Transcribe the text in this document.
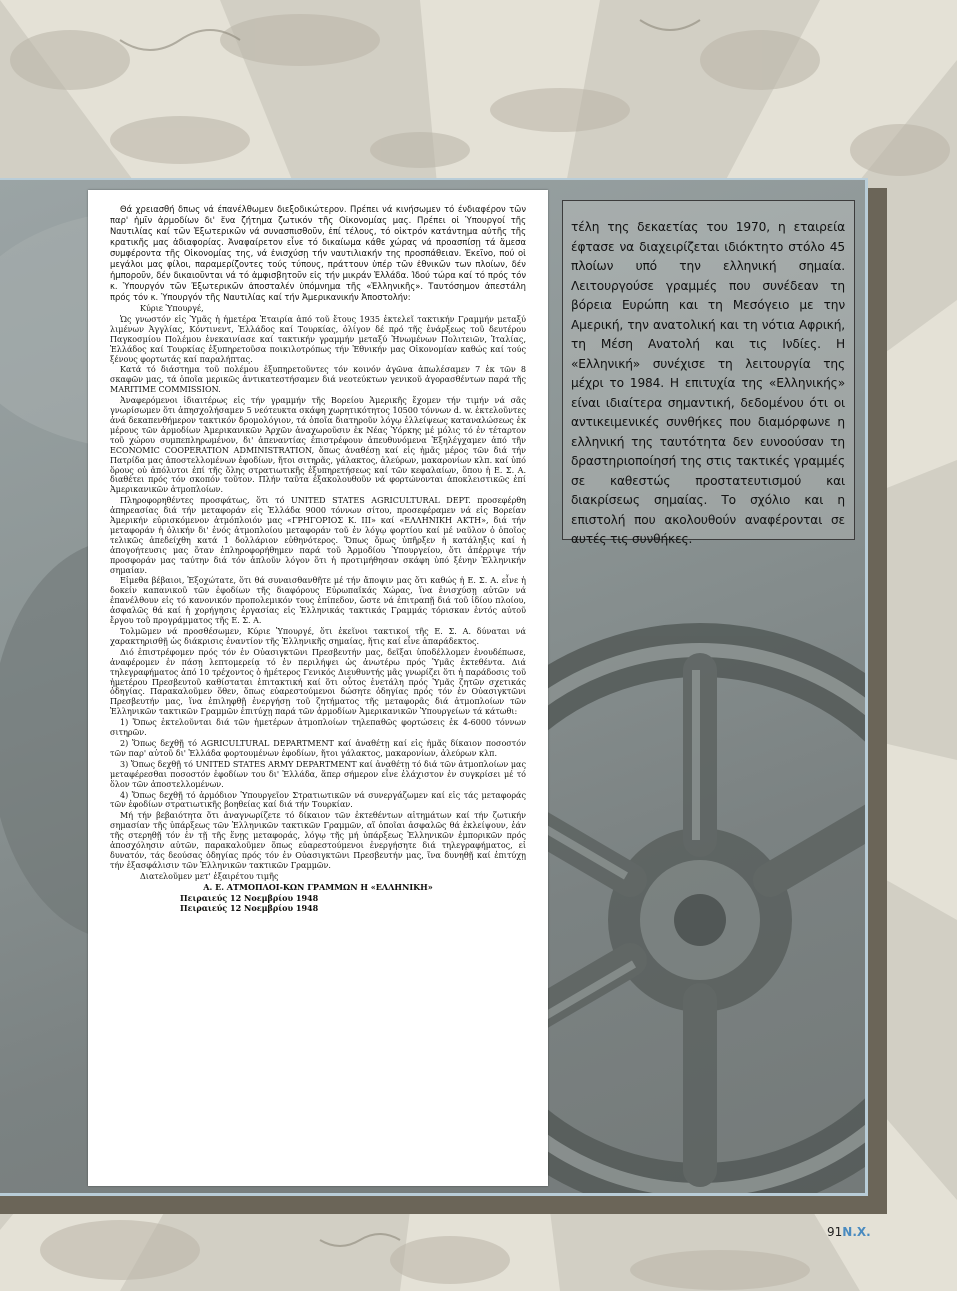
Θά χρειασθή δπως νά έπανέλθωμεν διεξοδικώτερον. Πρέπει νά κινήσωμεν τό ένδιαφέρον τῶν παρ' ἡμῖν ἀρμοδίων δι' ἕνα ζήτημα ζωτικόν τῆς Οἰκονομίας μας. Πρέπει οἱ Ὑπουργοί τῆς Ναυτιλίας καί τῶν Ἐξωτερικῶν νά συνασπισθοῦν, ἐπί τέλους, τό οἰκτρόν κατάντημα αὐτῆς τῆς κρατικῆς μας ἀδιαφορίας. Ἀναφαίρετον εἶνε τό δικαίωμα κάθε χώρας νά προασπίσῃ τά ἄμεσα συμφέροντα τῆς Οἰκονομίας της, νά ἐνισχύσῃ τήν ναυτιλιακήν της προσπάθειαν. Ἐκεῖνο, πού οἱ μεγάλοι μας φίλοι, παραμερίζοντες τούς τύπους, πράττουν ὑπέρ τῶν ἐθνικῶν των πλοίων, δέν ἠμποροῦν, δέν δικαιοῦνται νά τό ἀμφισβητοῦν εἰς τήν μικράν Ἑλλάδα. Ἰδού τώρα καί τό πρός τόν κ. Ὑπουργόν τῶν Ἐξωτερικῶν ἀποσταλέν ὑπόμνημα τῆς «Ἑλληνικῆς». Ταυτόσημον ἀπεστάλη πρός τόν κ. Ὑπουργόν τῆς Ναυτιλίας καί τήν Ἀμερικανικήν Ἀποστολήν:

Κύριε Ὑπουργέ,

Ὡς γνωστόν εἰς Ὑμᾶς ἡ ἡμετέρα Ἑταιρία ἀπό τοῦ ἔτους 1935 ἐκτελεῖ τακτικήν Γραμμήν μεταξύ λιμένων Ἀγγλίας, Κόντινεντ, Ἑλλάδος καί Τουρκίας, ὀλίγον δέ πρό τῆς ἐνάρξεως τοῦ δευτέρου Παγκοσμίου Πολέμου ἐνεκαινίασε καί τακτικήν γραμμήν μεταξύ Ἡνωμένων Πολιτειῶν, Ἰταλίας, Ἑλλάδος καί Τουρκίας ἐξυπηρετοῦσα ποικιλοτρόπως τήν Ἐθνικήν μας Οἰκονομίαν καθώς καί τούς ξένους φορτωτάς καί παραλήπτας.

Κατά τό διάστημα τοῦ πολέμου ἐξυπηρετοῦντες τόν κοινόν ἀγῶνα ἀπωλέσαμεν 7 ἐκ τῶν 8 σκαφῶν μας, τά ὁποῖα μερικῶς ἀντικατεστήσαμεν διά νεοτεύκτων γενικοῦ ἀγορασθέντων παρά τῆς MARITIME COMMISSION.

Ἀναφερόμενοι ἰδιαιτέρως εἰς τήν γραμμήν τῆς Βορείου Ἀμερικῆς ἔχομεν τήν τιμήν νά σᾶς γνωρίσωμεν ὅτι ἀπησχολήσαμεν 5 νεότευκτα σκάφη χωρητικότητος 10500 τόννων d. w. ἐκτελοῦντες ἀνά δεκαπενθήμερον τακτικόν δρομολόγιον, τά ὁποῖα διατηροῦν λόγῳ ἐλλείψεως καταναλώσεως ἐκ μέρους τῶν ἁρμοδίων Ἀμερικανικῶν Ἀρχῶν ἀναχωροῦσιν ἐκ Νέας Ὑόρκης μέ μόλις τό ἐν τέταρτον τοῦ χώρου συμπεπληρωμένον, δι' ἀπεναντίας ἐπιστρέφουν ἀπευθυνόμενα Ἐξηλέγχαμεν ἀπό τῆν ECONOMIC COOPERATION ADMINISTRATION, ὅπως ἀναθέσῃ καί εἰς ἡμᾶς μέρος τῶν διά τήν Πατρίδα μας ἀποστελλομένων ἐφοδίων, ἤτοι σιτηρᾶς, γάλακτος, ἀλεύρων, μακαρονίων κλπ. καί ὑπό ὅρους οὐ ἀπόλυτοι ἐπί τῆς ὅλης στρατιωτικῆς ἐξυπηρετήσεως καί τῶν κεφαλαίων, ὅπου ἡ Ε. Σ. Α. διαθέτει πρός τόν σκοπόν τοῦτον. Πλήν ταῦτα ἐξακολουθοῦν νά φορτώνονται ἀποκλειστικῶς ἐπί Ἀμερικανικῶν ἀτμοπλοίων.

Πληροφορηθέντες προσφάτως, ὅτι τό UNITED STATES AGRICULTURAL DEPT. προσεφέρθη ἀπηρεασίας διά τήν μεταφοράν εἰς Ἑλλάδα 9000 τόννων σίτου, προσεφέραμεν νά εἰς Βορείαν Ἀμερικήν εὑρισκόμενον ἀτμόπλοιόν μας «ΓΡΗΓΟΡΙΟΣ Κ. ΙΙΙ» καί «ΕΛΛΗΝΙΚΗ ΑΚΤΗ», διά τήν μεταφοράν ἡ ὀλικήν δι' ἑνός ἀτμοπλοίου μεταφοράν τοῦ ἐν λόγῳ φορτίου καί μέ ναῦλον ὁ ὁποῖος τελικῶς ἀπεδείχθη κατά 1 δολλάριον εὐθηνότερος. Ὅπως ὅμως ὑπῆρξεν ἡ κατάληξις καί ἡ ἀπογοήτευσις μας ὅταν ἐπληροφορήθημεν παρά τοῦ Ἀρμοδίου Ὑπουργείου, ὅτι ἀπέρριψε τήν προσφοράν μας ταύτην διά τόν ἁπλοῦν λόγον ὅτι ἡ προτιμήθησαν σκάφη ὑπό ξένην Ἑλληνικήν σημαίαν.

Εἰμεθα βέβαιοι, Ἐξοχώτατε, ὅτι θά συναισθανθῆτε μέ τήν ἄποψιν μας ὅτι καθώς ἡ Ε. Σ. Α. εἶνε ἡ δοκείν καπανικοῦ τῶν ἐφοδίων τῆς διαφόρους Εὐρωπαϊκάς Χώρας, ἵνα ἐνισχύσῃ αὐτῶν νά ἐπανέλθουν εἰς τό κανονικόν προπολεμικόν τους ἐπίπεδον, ὥστε νά ἐπιτραπῇ διά τοῦ ἰδίου πλοίου, ἀσφαλῶς θά καί ἡ χορήγησις ἐργασίας εἰς Ἑλληνικάς τακτικάς Γραμμάς τόρισκαν ἐντός αὐτοῦ ἔργου τοῦ προγράμματος τῆς Ε. Σ. Α.

Τολμῶμεν νά προσθέσωμεν, Κύριε Ὑπουργέ, ὅτι ἐκεῖνοι τακτικοί τῆς Ε. Σ. Α. δύναται νά χαρακτηρισθῇ ὡς διάκρισις ἐναντίον τῆς Ἑλληνικῆς σημαίας, ἥτις καί εἶνε ἀπαράδεκτος.

Διό ἐπιστρέφομεν πρός τόν ἐν Οὐασιγκτῶνι Πρεσβευτήν μας, δεῖξαι ὑποδέλλομεν ἐνουδέπωσε, ἀναφέρομεν ἐν πάσῃ λεπτομερείᾳ τό ἐν περιλήψει ὡς ἀνωτέρω πρός Ὑμᾶς ἐκτεθέντα. Διά τηλεγραφήματος ἀπό 10 τρέχοντος ὁ ἡμέτερος Γενικός Διευθυντής μᾶς γνωρίζει ὅτι ἡ παράδοσις τοῦ ἡμετέρου Πρεσβευτοῦ καθίσταται ἐπιτακτική καί ὅτι οὗτος ἐνετάλη πρός Ὑμᾶς ζητῶν σχετικάς ὁδηγίας. Παρακαλοῦμεν ὅθεν, ὅπως εὐαρεστούμενοι δώσητε ὁδηγίας πρός τόν ἐν Οὐασιγκτῶνι Πρεσβευτήν μας, ἵνα ἐπιληφθῇ ἐνεργήσῃ τοῦ ζητήματος τῆς μεταφορᾶς διά ἀτμοπλοίων τῶν Ἑλληνικῶν τακτικῶν Γραμμῶν ἐπιτύχῃ παρά τῶν ἁρμοδίων Ἀμερικανικῶν Ὑπουργείων τά κάτωθι:

1) Ὅπως ἐκτελοῦνται διά τῶν ἡμετέρων ἀτμοπλοίων τηλεπαθῶς φορτώσεις ἐκ 4-6000 τόννων σιτηρῶν.

2) Ὅπως δεχθῇ τό AGRICULTURAL DEPARTMENT καί ἀναθέτῃ καί εἰς ἡμᾶς δίκαιον ποσοστόν τῶν παρ' αὐτοῦ δι' Ἑλλάδα φορτουμένων ἐφοδίων, ἤτοι γάλακτος, μακαρονίων, ἀλεύρων κλπ.

3) Ὅπως δεχθῇ τό UNITED STATES ARMY DEPARTMENT καί ἀναθέτῃ τό διά τῶν ἀτμοπλοίων μας μεταφέρεσθαι ποσοστόν ἐφοδίων του δι' Ἑλλάδα, ἅπερ σήμερον εἶνε ἐλάχιστον ἐν συγκρίσει μέ τό ὅλον τῶν ἀποστελλομένων.

4) Ὅπως δεχθῇ τό ἁρμόδιον Ὑπουργεῖον Στρατιωτικῶν νά συνεργάζωμεν καί εἰς τάς μεταφοράς τῶν ἐφοδίων στρατιωτικῆς βοηθείας καί διά τήν Τουρκίαν.

Μή τήν βεβαιότητα ὅτι ἀναγνωρίζετε τό δίκαιον τῶν ἐκτεθέντων αἰτημάτων καί τήν ζωτικήν σημασίαν τῆς ὑπάρξεως τῶν Ἑλληνικῶν τακτικῶν Γραμμῶν, αἵ ὁποῖαι ἀσφαλῶς θά ἐκλείψουν, ἐάν τῆς στερηθῇ τόν ἐν τῇ τῆς ἕνῃς μεταφοράς, λόγῳ τῆς μή ὑπάρξεως Ἑλληνικῶν ἐμπορικῶν πρός ἀποσχόλησιν αὐτῶν, παρακαλοῦμεν ὅπως εὐαρεστούμενοι ἐνεργήσητε διά τηλεγραφήματος, εἰ δυνατόν, τάς δεούσας ὁδηγίας πρός τόν ἐν Οὐασιγκτῶνι Πρεσβευτήν μας, ἵνα δυνηθῇ καί ἐπιτύχῃ τήν ἐξασφάλισιν τῶν Ἑλληνικῶν τακτικῶν Γραμμῶν.

Διατελοῦμεν μετ' ἐξαιρέτου τιμῆς

Α. Ε. ΑΤΜΟΠΛΟΙ-ΚΩΝ ΓΡΑΜΜΩΝ Η «ΕΛΛΗΝΙΚΗ»

Πειραιεύς 12 Νοεμβρίου 1948

Πειραιεύς 12 Νοεμβρίου 1948

τέλη της δεκαετίας του 1970, η εταιρεία έφτασε να διαχειρίζεται ιδιόκτητο στόλο 45 πλοίων υπό την ελληνική σημαία. Λειτουργούσε γραμμές που συνέδεαν τη βόρεια Ευρώπη και τη Μεσόγειο με την Αμερική, την ανατολική και τη νότια Αφρική, τη Μέση Ανατολή και τις Ινδίες. Η «Ελληνική» συνέχισε τη λειτουργία της μέχρι το 1984. Η επιτυχία της «Ελληνικής» είναι ιδιαίτερα σημαντική, δεδομένου ότι οι αντικειμενικές συνθήκες που διαμόρφωνε η ελληνική της ταυτότητα δεν ευνοούσαν τη δραστηριοποίησή της στις τακτικές γραμμές σε καθεστώς προστατευτισμού και διακρίσεως σημαίας. Το σχόλιο και η επιστολή που ακολουθούν αναφέρονται σε αυτές τις συνθήκες.

91N.X.
